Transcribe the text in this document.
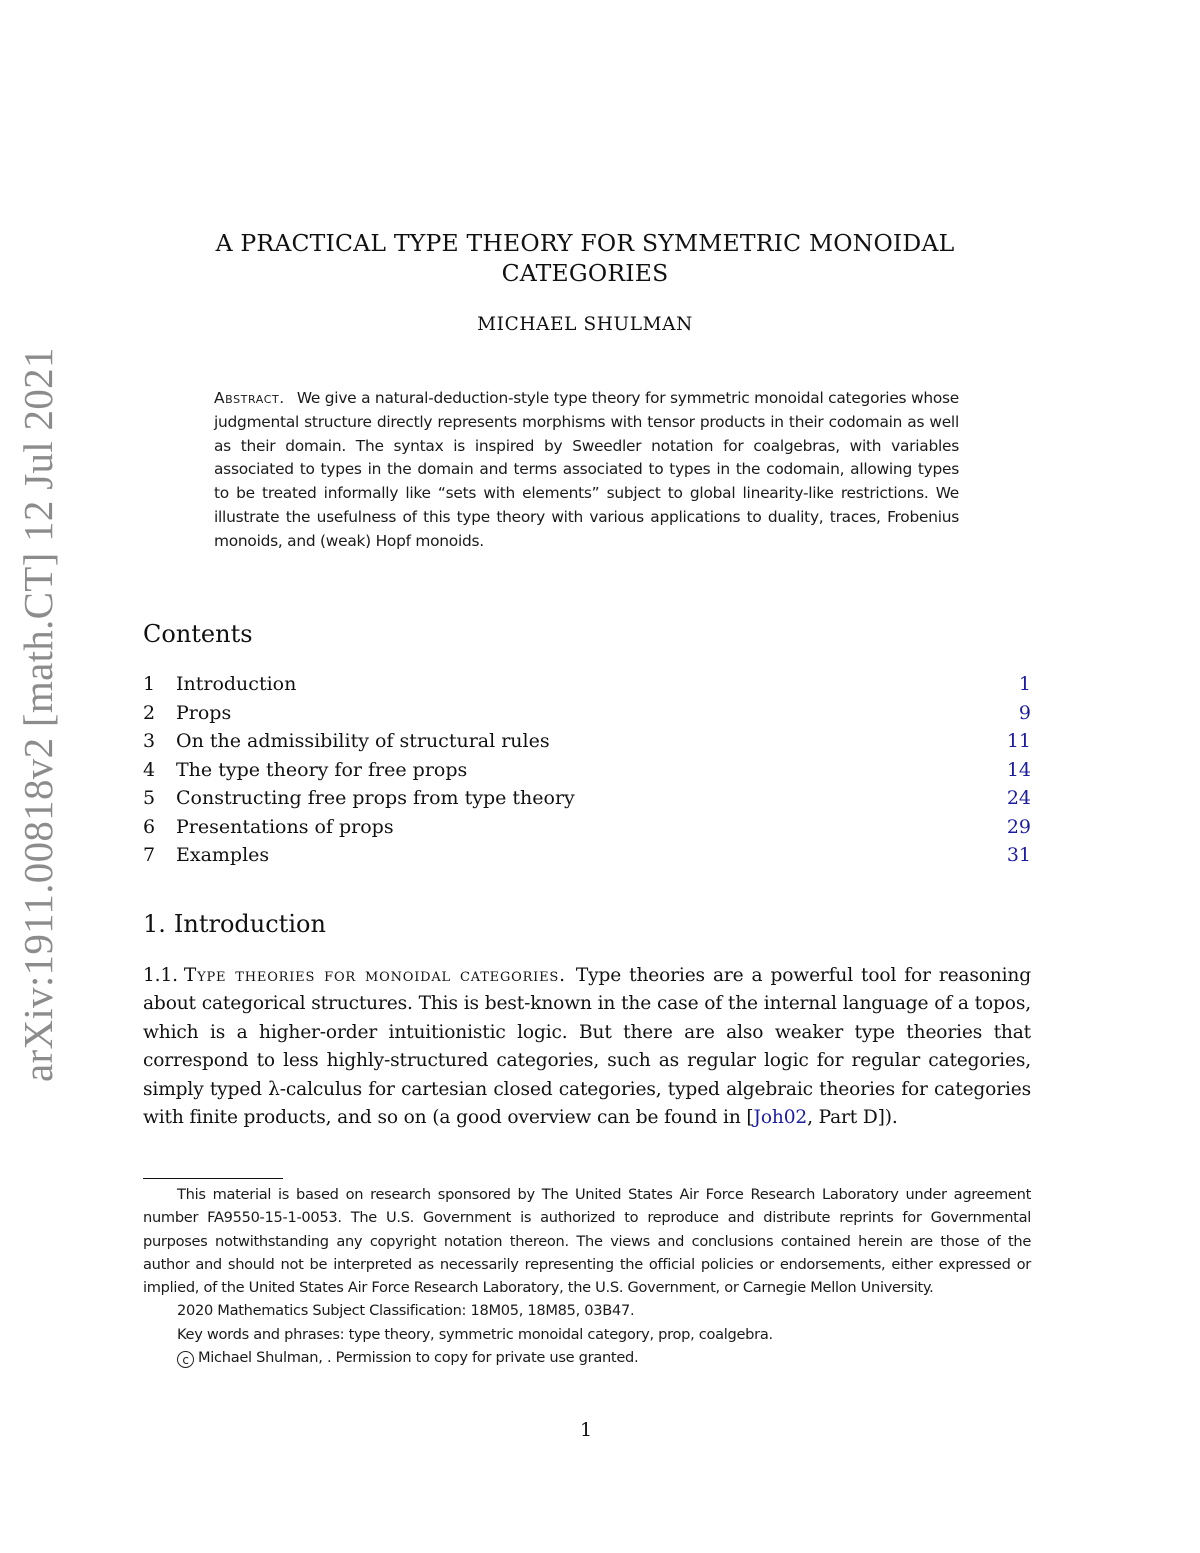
arXiv:1911.00818v2 [math.CT] 12 Jul 2021
A PRACTICAL TYPE THEORY FOR SYMMETRIC MONOIDAL
CATEGORIES
MICHAEL SHULMAN
Abstract. We give a natural-deduction-style type theory for symmetric monoidal categories whose judgmental structure directly represents morphisms with tensor products in their codomain as well as their domain. The syntax is inspired by Sweedler notation for coalgebras, with variables associated to types in the domain and terms associated to types in the codomain, allowing types to be treated informally like “sets with elements” subject to global linearity-like restrictions. We illustrate the usefulness of this type theory with various applications to duality, traces, Frobenius monoids, and (weak) Hopf monoids.
Contents
1 Introduction	1
2 Props	9
3 On the admissibility of structural rules	11
4 The type theory for free props	14
5 Constructing free props from type theory	24
6 Presentations of props	29
7 Examples	31
1. Introduction
1.1. Type theories for monoidal categories. Type theories are a powerful tool for reasoning about categorical structures. This is best-known in the case of the internal language of a topos, which is a higher-order intuitionistic logic. But there are also weaker type theories that correspond to less highly-structured categories, such as regular logic for regular categories, simply typed λ-calculus for cartesian closed categories, typed algebraic theories for categories with finite products, and so on (a good overview can be found in [Joh02, Part D]).

This material is based on research sponsored by The United States Air Force Research Laboratory under agreement number FA9550-15-1-0053. The U.S. Government is authorized to reproduce and distribute reprints for Governmental purposes notwithstanding any copyright notation thereon. The views and conclusions contained herein are those of the author and should not be interpreted as necessarily representing the official policies or endorsements, either expressed or implied, of the United States Air Force Research Laboratory, the U.S. Government, or Carnegie Mellon University.

2020 Mathematics Subject Classification: 18M05, 18M85, 03B47.

Key words and phrases: type theory, symmetric monoidal category, prop, coalgebra.

c Michael Shulman, . Permission to copy for private use granted.

1
